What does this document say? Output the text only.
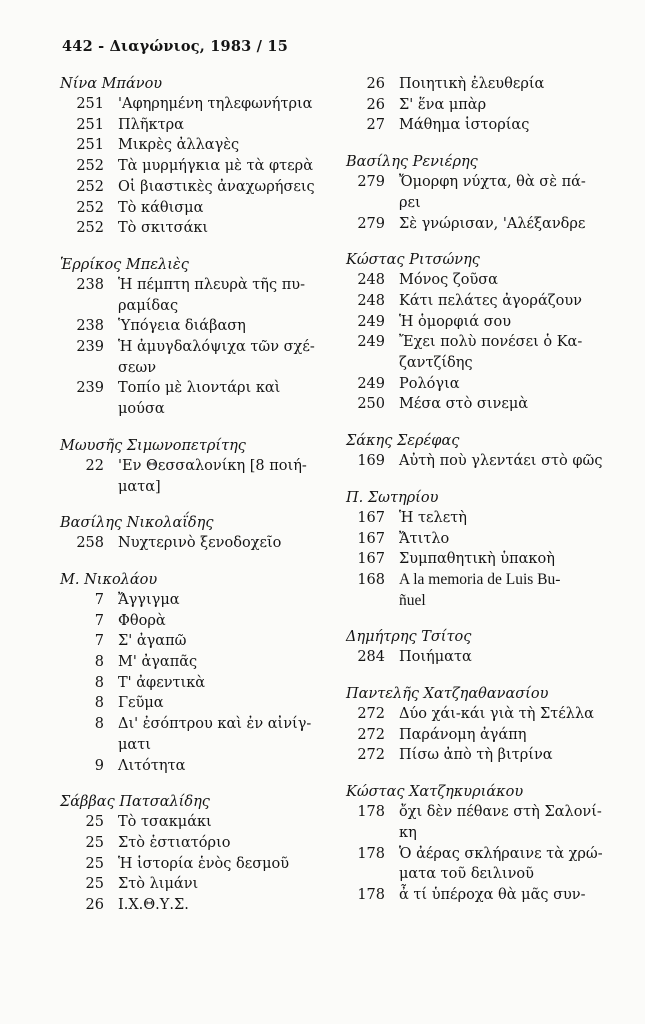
442 - Διαγώνιος, 1983 / 15
Νίνα Μπάνου
251 'Αφηρημένη τηλεφωνήτρια
251 Πλῆκτρα
251 Μικρὲς ἀλλαγὲς
252 Τὰ μυρμήγκια μὲ τὰ φτερὰ
252 Οἱ βιαστικὲς ἀναχωρήσεις
252 Τὸ κάθισμα
252 Τὸ σκιτσάκι
Ἑρρίκος Μπελιὲς
238 Ἡ πέμπτη πλευρὰ τῆς πυ-
ραμίδας
238 Ὑπόγεια διάβαση
239 Ἡ ἀμυγδαλόψιχα τῶν σχέ-
σεων
239 Τοπίο μὲ λιοντάρι καὶ
μούσα
Μωυσῆς Σιμωνοπετρίτης
22 'Εν Θεσσαλονίκη [8 ποιή-
ματα]
Βασίλης Νικολαΐδης
258 Νυχτερινὸ ξενοδοχεῖο
Μ. Νικολάου
7 Ἄγγιγμα
7 Φθορὰ
7 Σ' ἀγαπῶ
8 Μ' ἀγαπᾶς
8 Τ' ἀφεντικὰ
8 Γεῦμα
8 Δι' ἐσόπτρου καὶ ἐν αἰνίγ-
ματι
9 Λιτότητα
Σάββας Πατσαλίδης
25 Τὸ τσακμάκι
25 Στὸ ἑστιατόριο
25 Ἡ ἱστορία ἑνὸς δεσμοῦ
25 Στὸ λιμάνι
26 Ι.Χ.Θ.Υ.Σ.
26 Ποιητικὴ ἐλευθερία
26 Σ' ἕνα μπὰρ
27 Μάθημα ἱστορίας
Βασίλης Ρενιέρης
279 Ὄμορφη νύχτα, θὰ σὲ πά-
ρει
279 Σὲ γνώρισαν, 'Αλέξανδρε
Κώστας Ριτσώνης
248 Μόνος ζοῦσα
248 Κάτι πελάτες ἀγοράζουν
249 Ἡ ὁμορφιά σου
249 Ἔχει πολὺ πονέσει ὁ Κα-
ζαντζίδης
249 Ρολόγια
250 Μέσα στὸ σινεμὰ
Σάκης Σερέφας
169 Αὐτὴ ποὺ γλεντάει στὸ φῶς
Π. Σωτηρίου
167 Ἡ τελετὴ
167 Ἄτιτλο
167 Συμπαθητικὴ ὑπακοὴ
168 A la memoria de Luis Bu-
ñuel
Δημήτρης Τσίτος
284 Ποιήματα
Παντελῆς Χατζηαθανασίου
272 Δύο χάι-κάι γιὰ τὴ Στέλλα
272 Παράνομη ἀγάπη
272 Πίσω ἀπὸ τὴ βιτρίνα
Κώστας Χατζηκυριάκου
178 ὄχι δὲν πέθανε στὴ Σαλονί-
κη
178 Ὁ ἀέρας σκλήραινε τὰ χρώ-
ματα τοῦ δειλινοῦ
178 ἆ τί ὑπέροχα θὰ μᾶς συν-
